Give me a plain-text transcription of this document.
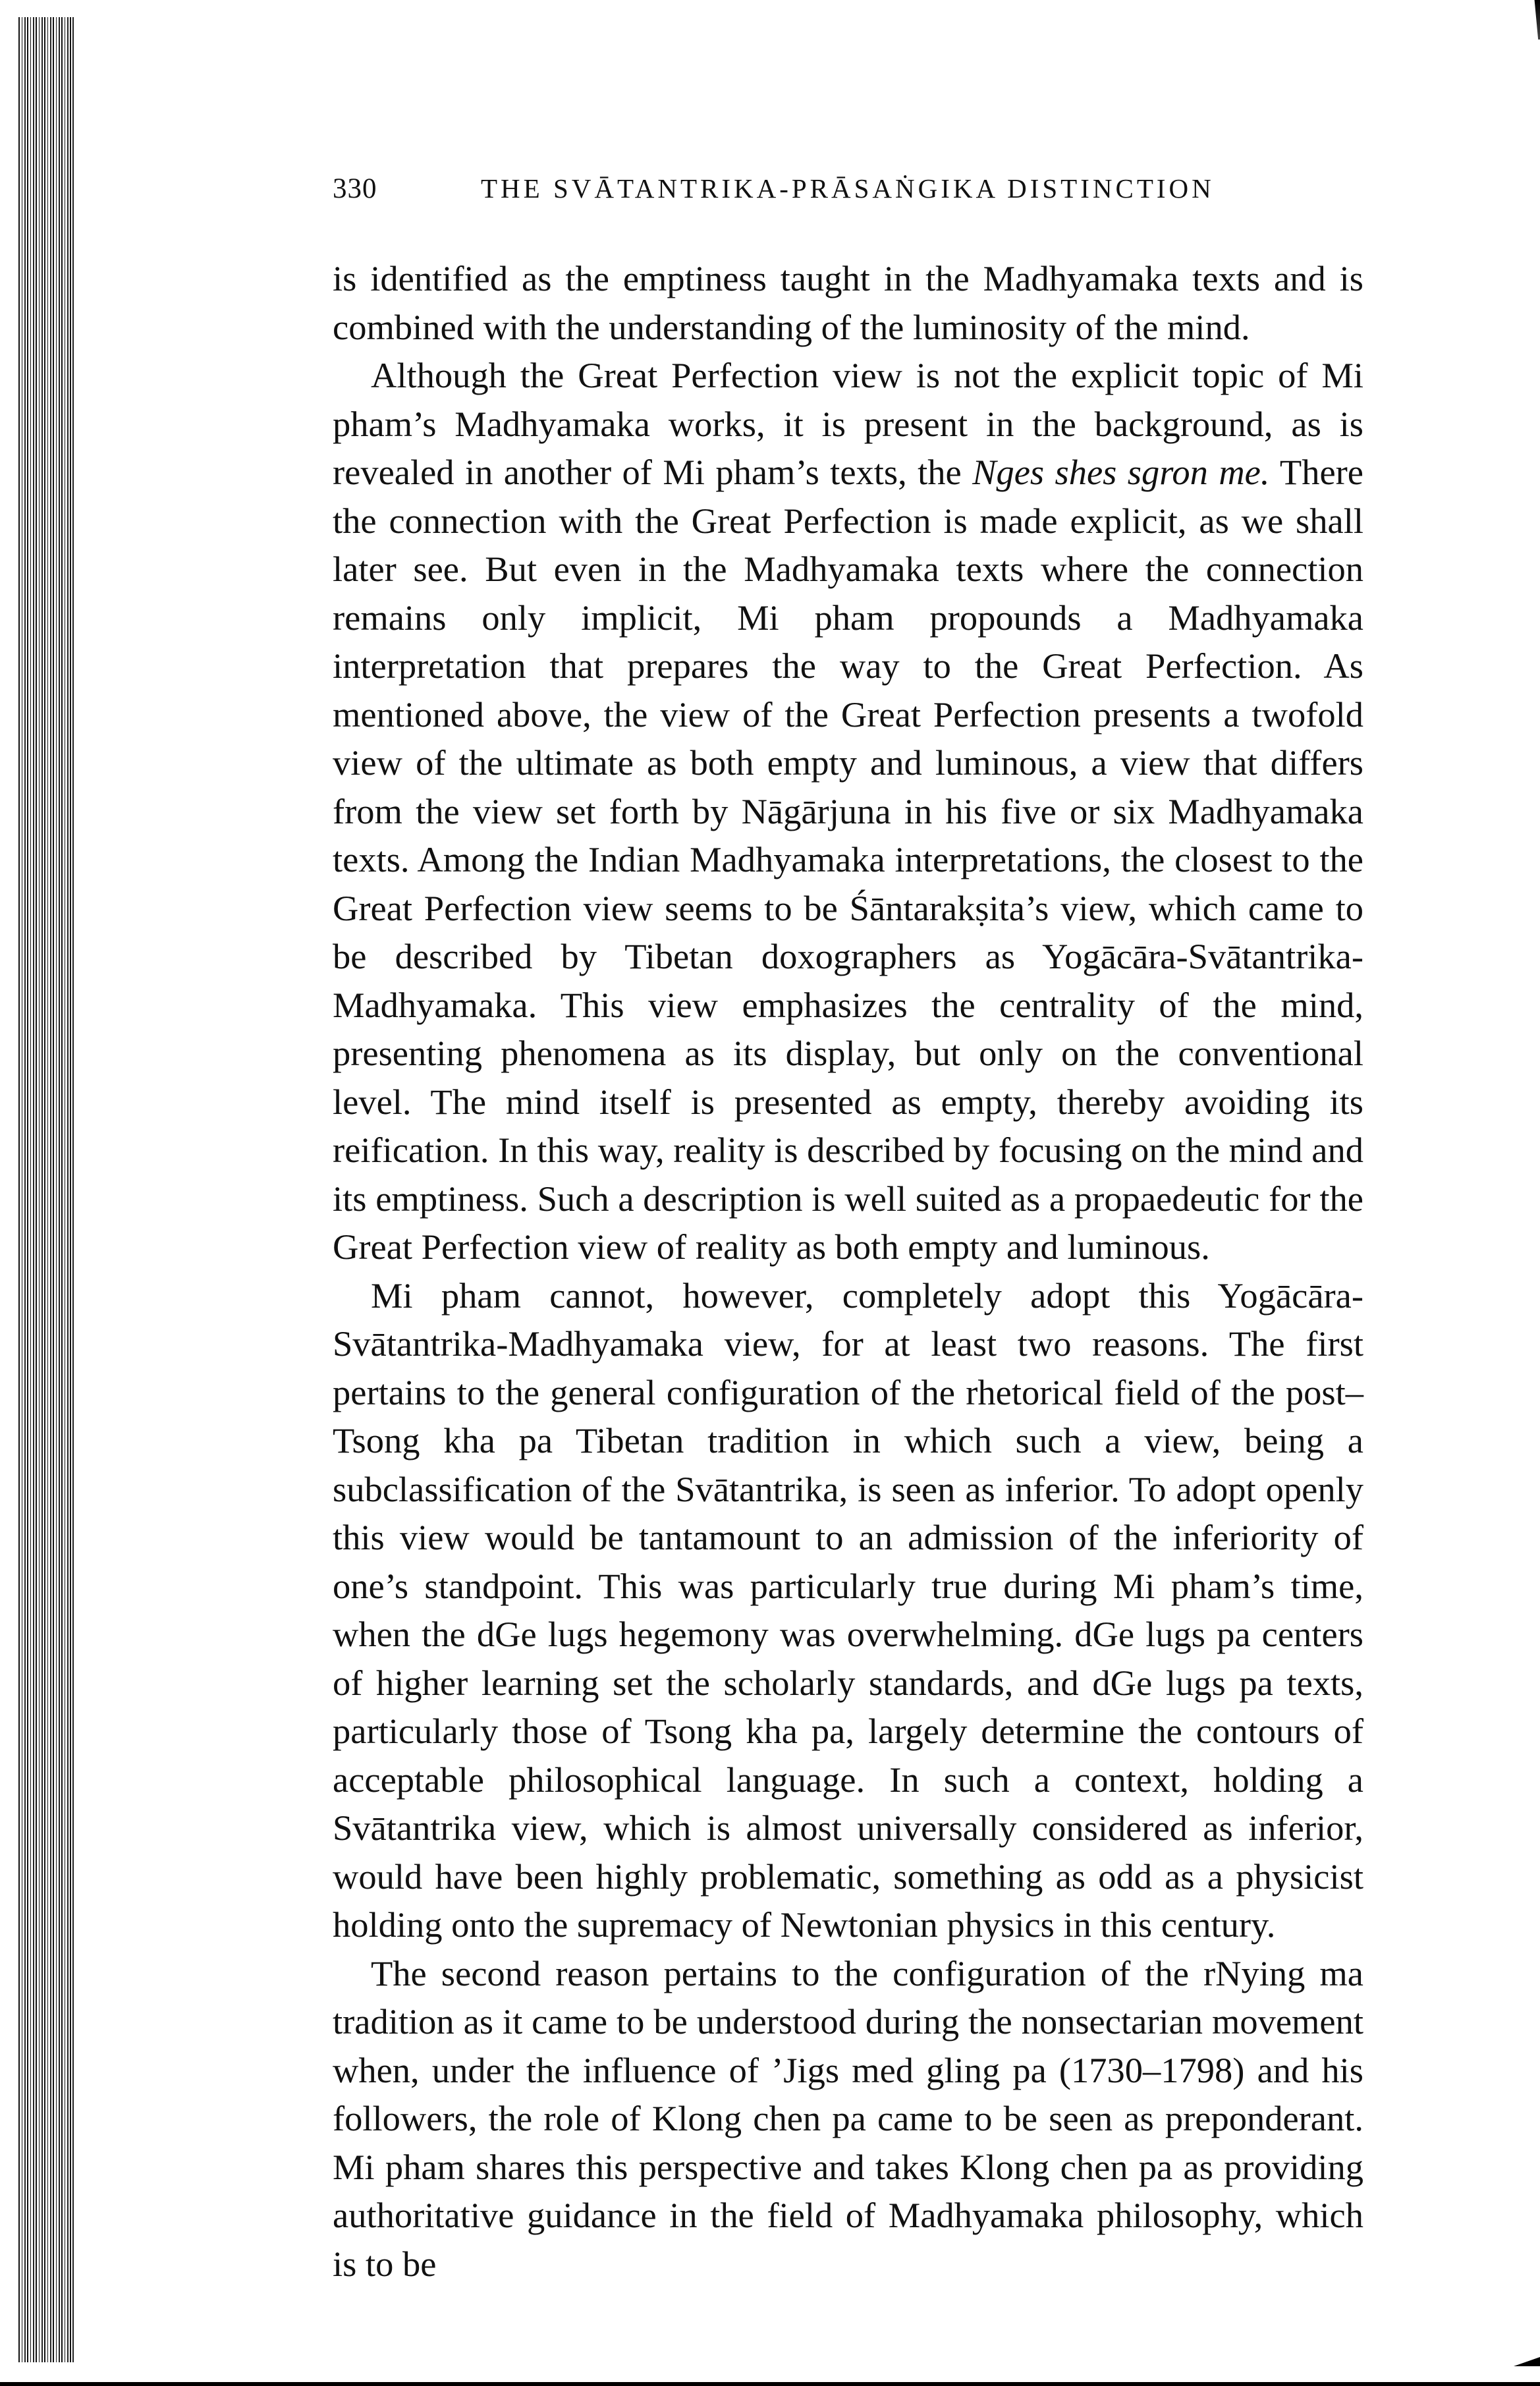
330	THE SVĀTANTRIKA-PRĀSAṄGIKA DISTINCTION

is identified as the emptiness taught in the Madhyamaka texts and is combined with the understanding of the luminosity of the mind.

Although the Great Perfection view is not the explicit topic of Mi pham’s Madhyamaka works, it is present in the background, as is revealed in another of Mi pham’s texts, the Nges shes sgron me. There the connection with the Great Perfection is made explicit, as we shall later see. But even in the Madhyamaka texts where the connection remains only implicit, Mi pham propounds a Madhyamaka interpretation that prepares the way to the Great Perfection. As mentioned above, the view of the Great Perfection presents a twofold view of the ultimate as both empty and luminous, a view that differs from the view set forth by Nāgārjuna in his five or six Madhyamaka texts. Among the Indian Madhyamaka interpretations, the closest to the Great Perfection view seems to be Śāntarakṣita’s view, which came to be described by Tibetan doxographers as Yogācāra-Svātantrika-Madhyamaka. This view emphasizes the centrality of the mind, presenting phenomena as its display, but only on the conventional level. The mind itself is presented as empty, thereby avoiding its reification. In this way, reality is described by focusing on the mind and its emptiness. Such a description is well suited as a propaedeutic for the Great Perfection view of reality as both empty and luminous.

Mi pham cannot, however, completely adopt this Yogācāra-Svātantrika-Madhyamaka view, for at least two reasons. The first pertains to the general configuration of the rhetorical field of the post–Tsong kha pa Tibetan tradition in which such a view, being a subclassification of the Svātantrika, is seen as inferior. To adopt openly this view would be tantamount to an admission of the inferiority of one’s standpoint. This was particularly true during Mi pham’s time, when the dGe lugs hegemony was overwhelming. dGe lugs pa centers of higher learning set the scholarly standards, and dGe lugs pa texts, particularly those of Tsong kha pa, largely determine the contours of acceptable philosophical language. In such a context, holding a Svātantrika view, which is almost universally considered as inferior, would have been highly problematic, something as odd as a physicist holding onto the supremacy of Newtonian physics in this century.

The second reason pertains to the configuration of the rNying ma tradition as it came to be understood during the nonsectarian movement when, under the influence of ’Jigs med gling pa (1730–1798) and his followers, the role of Klong chen pa came to be seen as preponderant. Mi pham shares this perspective and takes Klong chen pa as providing authoritative guidance in the field of Madhyamaka philosophy, which is to be
